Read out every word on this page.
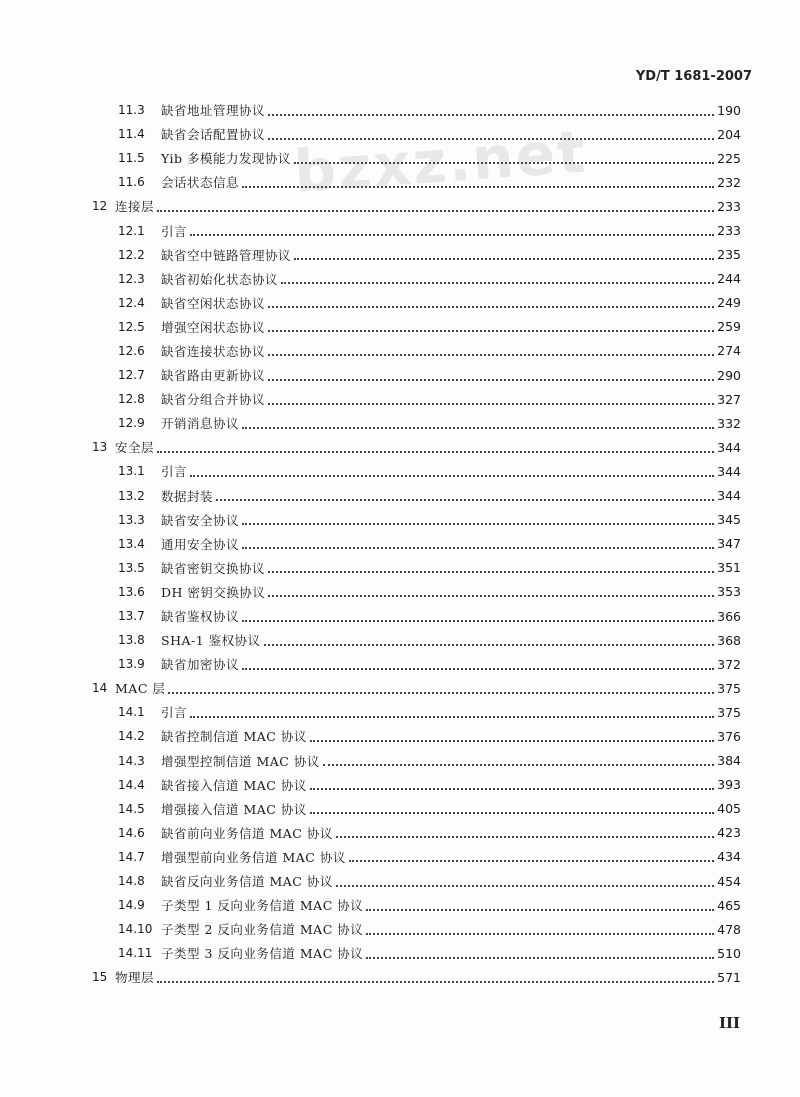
YD/T 1681-2007
bzxz.net
11.3	缺省地址管理协议	190
11.4	缺省会话配置协议	204
11.5	Yib 多模能力发现协议	225
11.6	会话状态信息	232
12 连接层	233
12.1	引言	233
12.2	缺省空中链路管理协议	235
12.3	缺省初始化状态协议	244
12.4	缺省空闲状态协议	249
12.5	增强空闲状态协议	259
12.6	缺省连接状态协议	274
12.7	缺省路由更新协议	290
12.8	缺省分组合并协议	327
12.9	开销消息协议	332
13 安全层	344
13.1	引言	344
13.2	数据封装	344
13.3	缺省安全协议	345
13.4	通用安全协议	347
13.5	缺省密钥交换协议	351
13.6	DH 密钥交换协议	353
13.7	缺省鉴权协议	366
13.8	SHA-1 鉴权协议	368
13.9	缺省加密协议	372
14 MAC 层	375
14.1	引言	375
14.2	缺省控制信道 MAC 协议	376
14.3	增强型控制信道 MAC 协议	384
14.4	缺省接入信道 MAC 协议	393
14.5	增强接入信道 MAC 协议	405
14.6	缺省前向业务信道 MAC 协议	423
14.7	增强型前向业务信道 MAC 协议	434
14.8	缺省反向业务信道 MAC 协议	454
14.9	子类型 1 反向业务信道 MAC 协议	465
14.10 子类型 2 反向业务信道 MAC 协议	478
14.11 子类型 3 反向业务信道 MAC 协议	510
15 物理层	571
III
